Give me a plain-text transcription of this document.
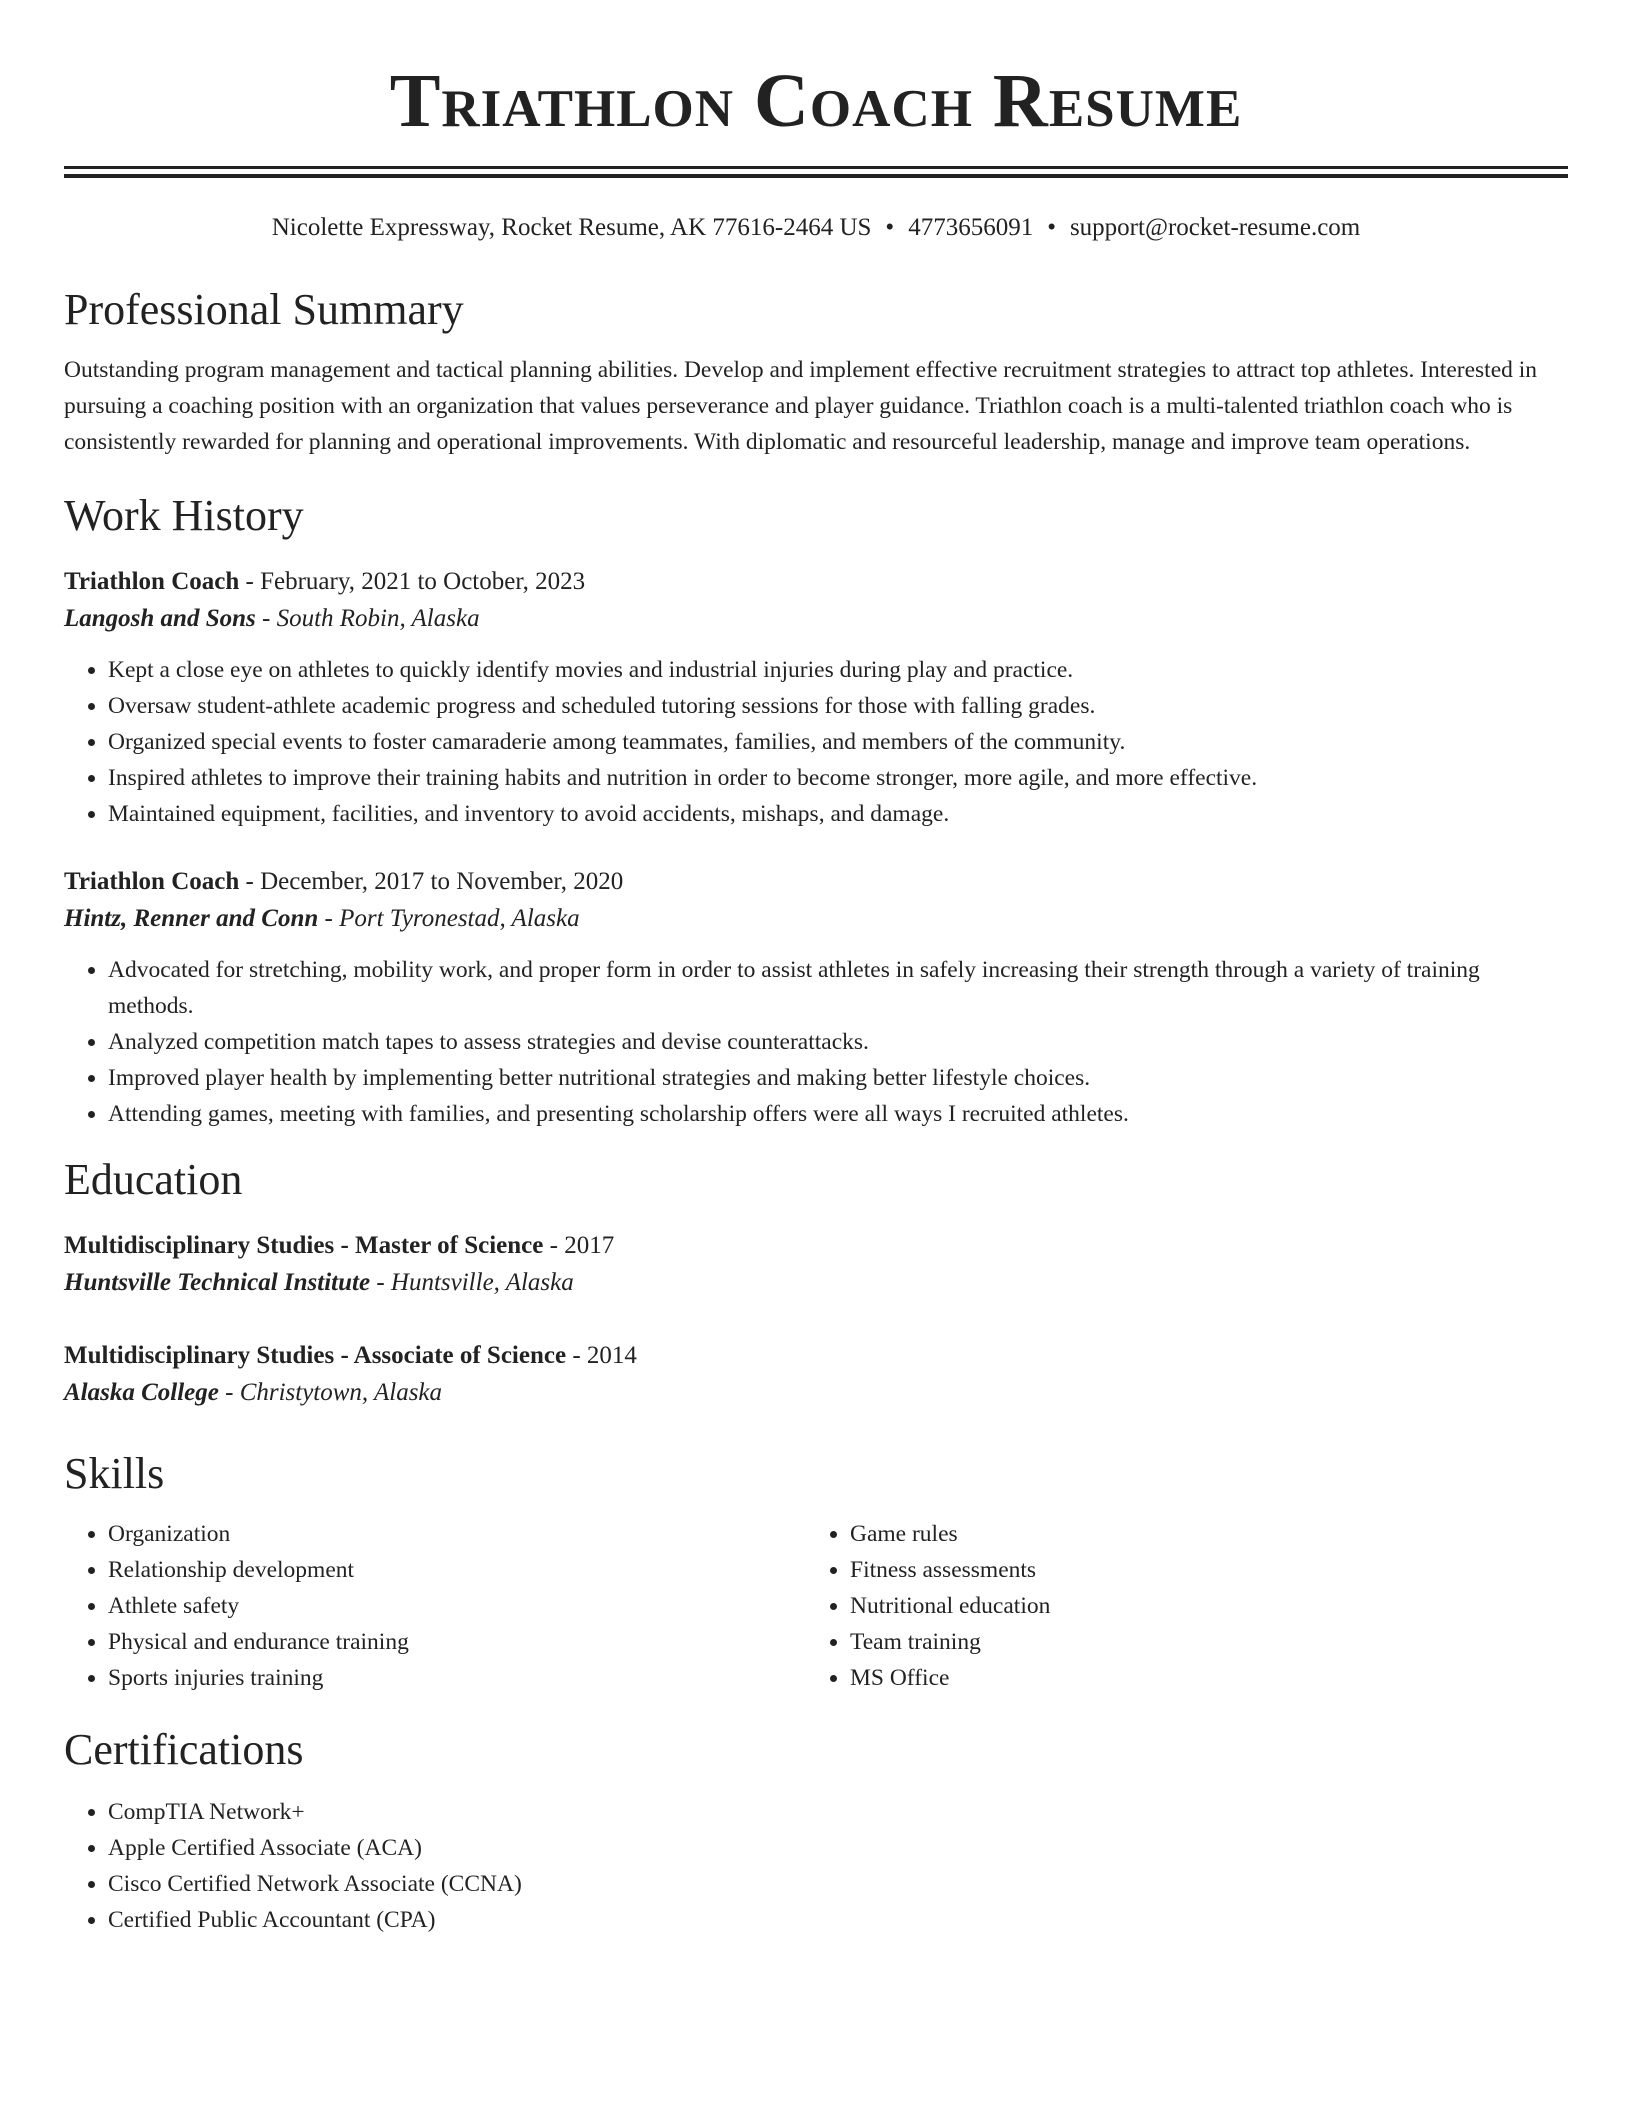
Triathlon Coach Resume
Nicolette Expressway, Rocket Resume, AK 77616-2464 US • 4773656091 • support@rocket-resume.com
Professional Summary

Outstanding program management and tactical planning abilities. Develop and implement effective recruitment strategies to attract top athletes. Interested in pursuing a coaching position with an organization that values perseverance and player guidance. Triathlon coach is a multi-talented triathlon coach who is consistently rewarded for planning and operational improvements. With diplomatic and resourceful leadership, manage and improve team operations.

Work History
Triathlon Coach - February, 2021 to October, 2023
Langosh and Sons - South Robin, Alaska
• Kept a close eye on athletes to quickly identify movies and industrial injuries during play and practice.
• Oversaw student-athlete academic progress and scheduled tutoring sessions for those with falling grades.
• Organized special events to foster camaraderie among teammates, families, and members of the community.
• Inspired athletes to improve their training habits and nutrition in order to become stronger, more agile, and more effective.
• Maintained equipment, facilities, and inventory to avoid accidents, mishaps, and damage.
Triathlon Coach - December, 2017 to November, 2020
Hintz, Renner and Conn - Port Tyronestad, Alaska
• Advocated for stretching, mobility work, and proper form in order to assist athletes in safely increasing their strength through a variety of training methods.
• Analyzed competition match tapes to assess strategies and devise counterattacks.
• Improved player health by implementing better nutritional strategies and making better lifestyle choices.
• Attending games, meeting with families, and presenting scholarship offers were all ways I recruited athletes.
Education
Multidisciplinary Studies - Master of Science - 2017
Huntsville Technical Institute - Huntsville, Alaska
Multidisciplinary Studies - Associate of Science - 2014
Alaska College - Christytown, Alaska
Skills
• Organization
• Relationship development
• Athlete safety
• Physical and endurance training
• Sports injuries training
• Game rules
• Fitness assessments
• Nutritional education
• Team training
• MS Office
Certifications
• CompTIA Network+
• Apple Certified Associate (ACA)
• Cisco Certified Network Associate (CCNA)
• Certified Public Accountant (CPA)
